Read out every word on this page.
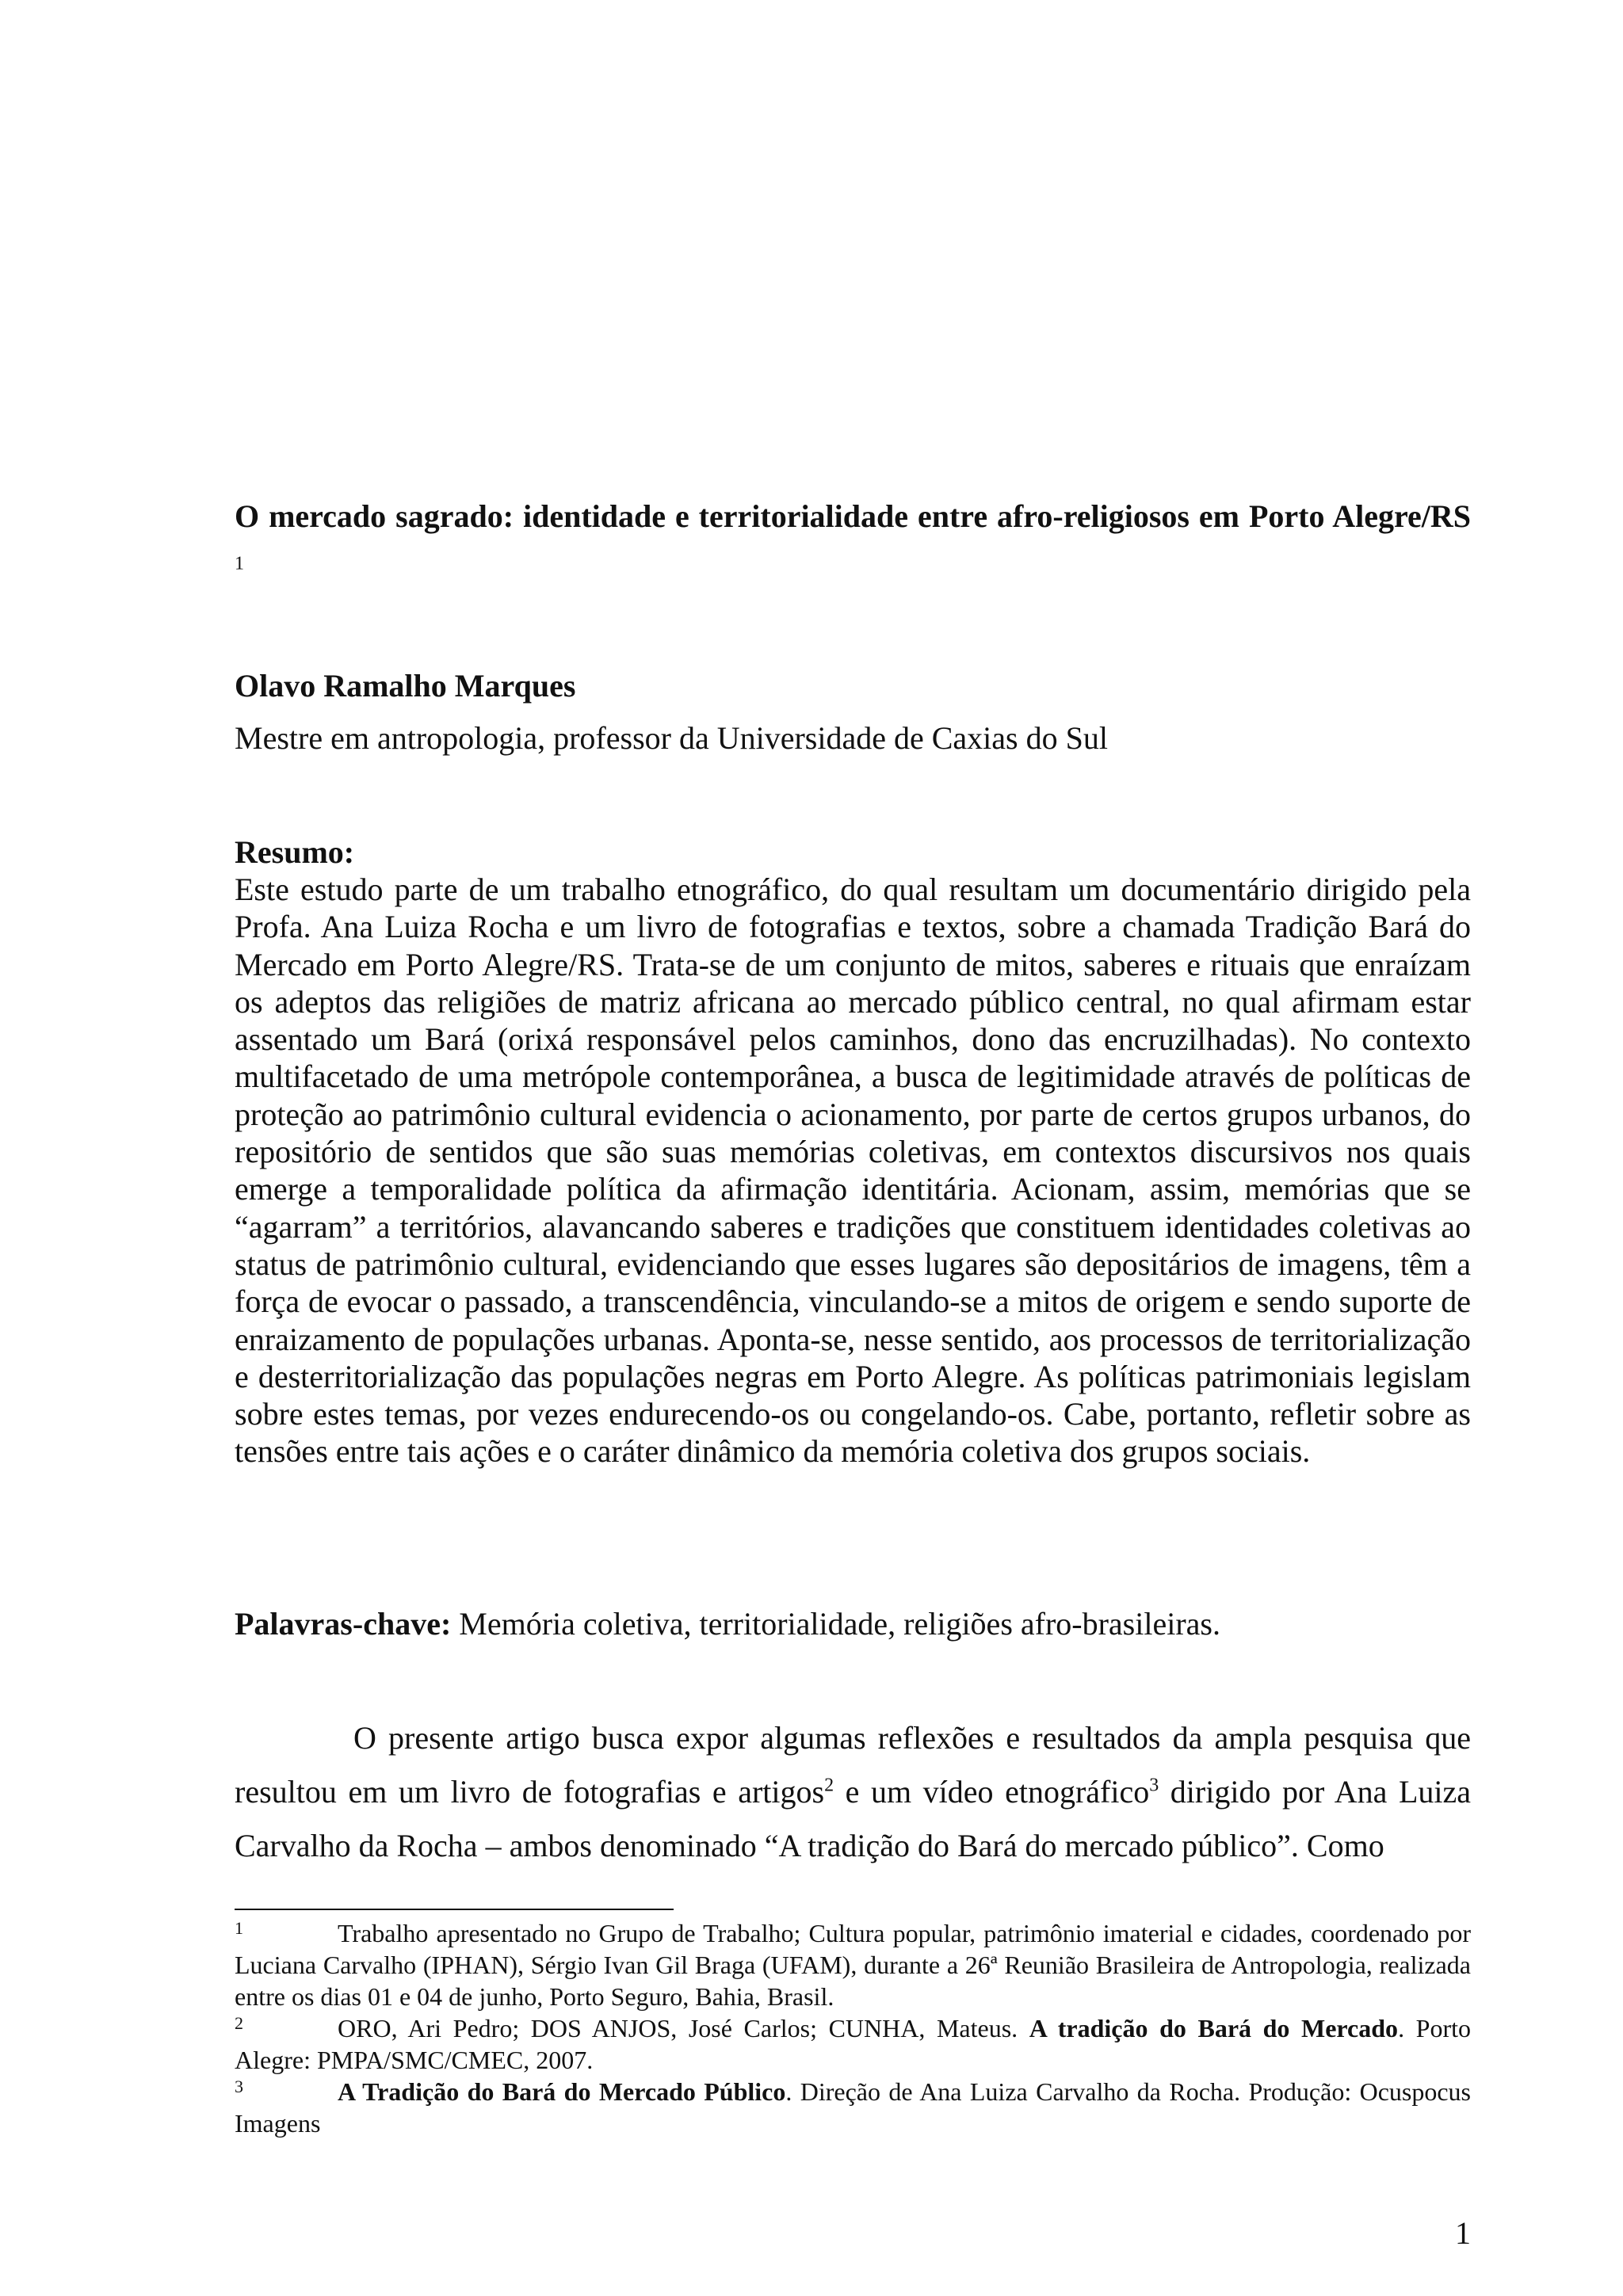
O mercado sagrado: identidade e territorialidade entre afro-religiosos em Porto Alegre/RS $^1$
Olavo Ramalho Marques
Mestre em antropologia, professor da Universidade de Caxias do Sul
Resumo:
Este estudo parte de um trabalho etnográfico, do qual resultam um documentário dirigido pela Profa. Ana Luiza Rocha e um livro de fotografias e textos, sobre a chamada Tradição Bará do Mercado em Porto Alegre/RS. Trata-se de um conjunto de mitos, saberes e rituais que enraízam os adeptos das religiões de matriz africana ao mercado público central, no qual afirmam estar assentado um Bará (orixá responsável pelos caminhos, dono das encruzilhadas). No contexto multifacetado de uma metrópole contemporânea, a busca de legitimidade através de políticas de proteção ao patrimônio cultural evidencia o acionamento, por parte de certos grupos urbanos, do repositório de sentidos que são suas memórias coletivas, em contextos discursivos nos quais emerge a temporalidade política da afirmação identitária. Acionam, assim, memórias que se “agarram” a territórios, alavancando saberes e tradições que constituem identidades coletivas ao status de patrimônio cultural, evidenciando que esses lugares são depositários de imagens, têm a força de evocar o passado, a transcendência, vinculando-se a mitos de origem e sendo suporte de enraizamento de populações urbanas. Aponta-se, nesse sentido, aos processos de territorialização e desterritorialização das populações negras em Porto Alegre. As políticas patrimoniais legislam sobre estes temas, por vezes endurecendo-os ou congelando-os. Cabe, portanto, refletir sobre as tensões entre tais ações e o caráter dinâmico da memória coletiva dos grupos sociais.
Palavras-chave: Memória coletiva, territorialidade, religiões afro-brasileiras.
O presente artigo busca expor algumas reflexões e resultados da ampla pesquisa que resultou em um livro de fotografias e artigos$^2$ e um vídeo etnográfico$^3$ dirigido por Ana Luiza Carvalho da Rocha – ambos denominado “A tradição do Bará do mercado público”. Como
1	Trabalho apresentado no Grupo de Trabalho; Cultura popular, patrimônio imaterial e cidades, coordenado por Luciana Carvalho (IPHAN), Sérgio Ivan Gil Braga (UFAM), durante a 26ª Reunião Brasileira de Antropologia, realizada entre os dias 01 e 04 de junho, Porto Seguro, Bahia, Brasil.
2	ORO, Ari Pedro; DOS ANJOS, José Carlos; CUNHA, Mateus. A tradição do Bará do Mercado. Porto Alegre: PMPA/SMC/CMEC, 2007.
3	A Tradição do Bará do Mercado Público. Direção de Ana Luiza Carvalho da Rocha. Produção: Ocuspocus Imagens
1
